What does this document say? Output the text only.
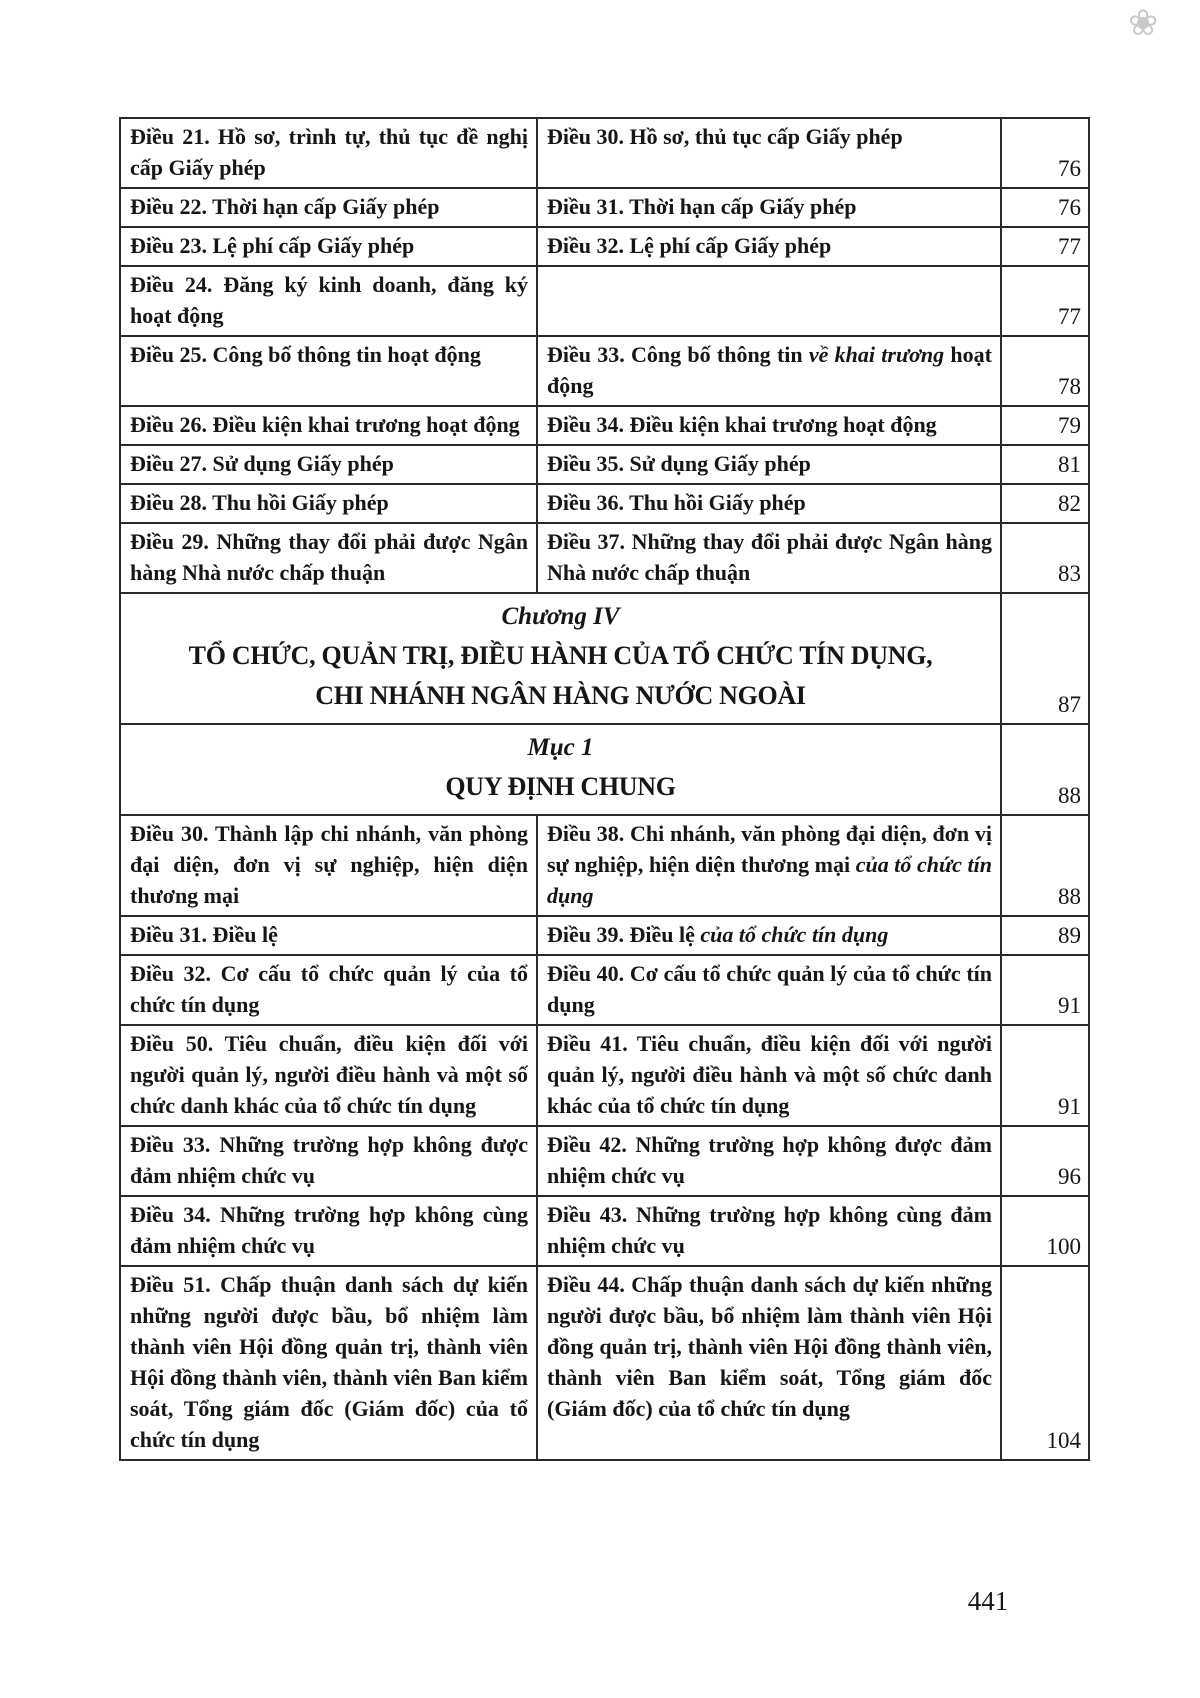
❀
Điều 21. Hồ sơ, trình tự, thủ tục đề nghị cấp Giấy phép	Điều 30. Hồ sơ, thủ tục cấp Giấy phép	76
Điều 22. Thời hạn cấp Giấy phép	Điều 31. Thời hạn cấp Giấy phép	76
Điều 23. Lệ phí cấp Giấy phép	Điều 32. Lệ phí cấp Giấy phép	77
Điều 24. Đăng ký kinh doanh, đăng ký hoạt động		77
Điều 25. Công bố thông tin hoạt động	Điều 33. Công bố thông tin về khai trương hoạt động	78
Điều 26. Điều kiện khai trương hoạt động	Điều 34. Điều kiện khai trương hoạt động	79
Điều 27. Sử dụng Giấy phép	Điều 35. Sử dụng Giấy phép	81
Điều 28. Thu hồi Giấy phép	Điều 36. Thu hồi Giấy phép	82
Điều 29. Những thay đổi phải được Ngân hàng Nhà nước chấp thuận	Điều 37. Những thay đổi phải được Ngân hàng Nhà nước chấp thuận	83

Chương IV
TỔ CHỨC, QUẢN TRỊ, ĐIỀU HÀNH CỦA TỔ CHỨC TÍN DỤNG,
CHI NHÁNH NGÂN HÀNG NƯỚC NGOÀI		87

Mục 1
QUY ĐỊNH CHUNG		88
Điều 30. Thành lập chi nhánh, văn phòng đại diện, đơn vị sự nghiệp, hiện diện thương mại	Điều 38. Chi nhánh, văn phòng đại diện, đơn vị sự nghiệp, hiện diện thương mại của tổ chức tín dụng	88
Điều 31. Điều lệ	Điều 39. Điều lệ của tổ chức tín dụng	89
Điều 32. Cơ cấu tổ chức quản lý của tổ chức tín dụng	Điều 40. Cơ cấu tổ chức quản lý của tổ chức tín dụng	91
Điều 50. Tiêu chuẩn, điều kiện đối với người quản lý, người điều hành và một số chức danh khác của tổ chức tín dụng	Điều 41. Tiêu chuẩn, điều kiện đối với người quản lý, người điều hành và một số chức danh khác của tổ chức tín dụng	91
Điều 33. Những trường hợp không được đảm nhiệm chức vụ	Điều 42. Những trường hợp không được đảm nhiệm chức vụ	96
Điều 34. Những trường hợp không cùng đảm nhiệm chức vụ	Điều 43. Những trường hợp không cùng đảm nhiệm chức vụ	100
Điều 51. Chấp thuận danh sách dự kiến những người được bầu, bổ nhiệm làm thành viên Hội đồng quản trị, thành viên Hội đồng thành viên, thành viên Ban kiểm soát, Tổng giám đốc (Giám đốc) của tổ chức tín dụng	Điều 44. Chấp thuận danh sách dự kiến những người được bầu, bổ nhiệm làm thành viên Hội đồng quản trị, thành viên Hội đồng thành viên, thành viên Ban kiểm soát, Tổng giám đốc (Giám đốc) của tổ chức tín dụng	104
441
